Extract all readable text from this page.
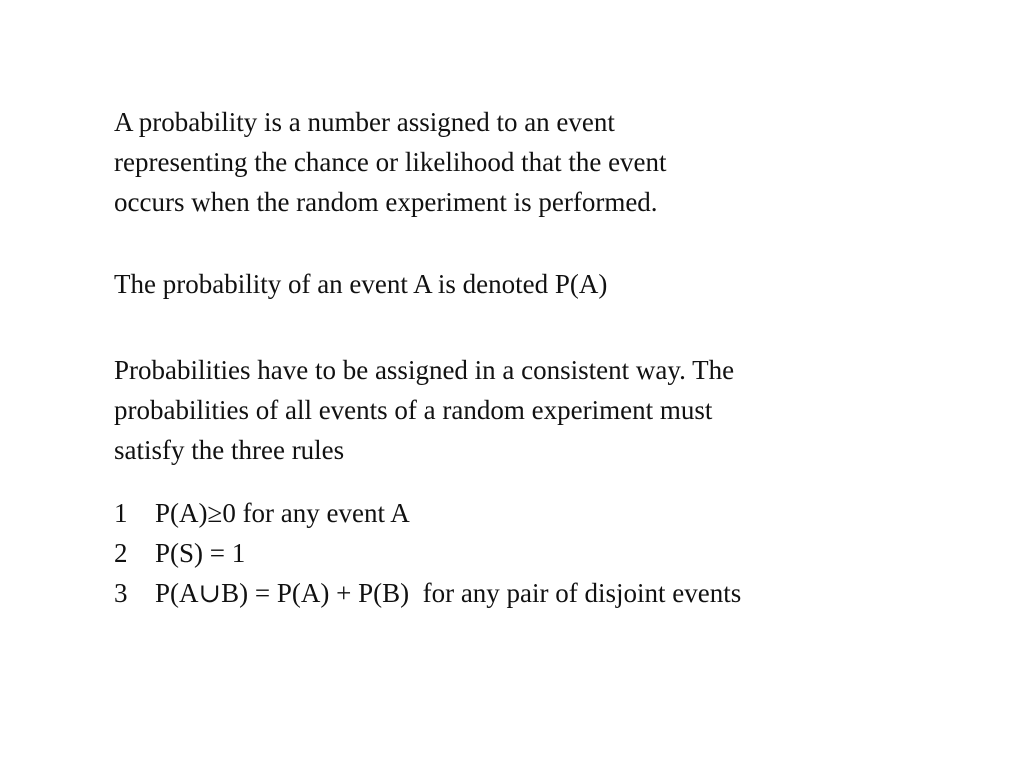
A probability is a number assigned to an event
representing the chance or likelihood that the event
occurs when the random experiment is performed.

The probability of an event A is denoted P(A)

Probabilities have to be assigned in a consistent way. The
probabilities of all events of a random experiment must
satisfy the three rules

1	P(A)≥0 for any event A
2	P(S) = 1
3	P(A∪B) = P(A) + P(B)  for any pair of disjoint events
